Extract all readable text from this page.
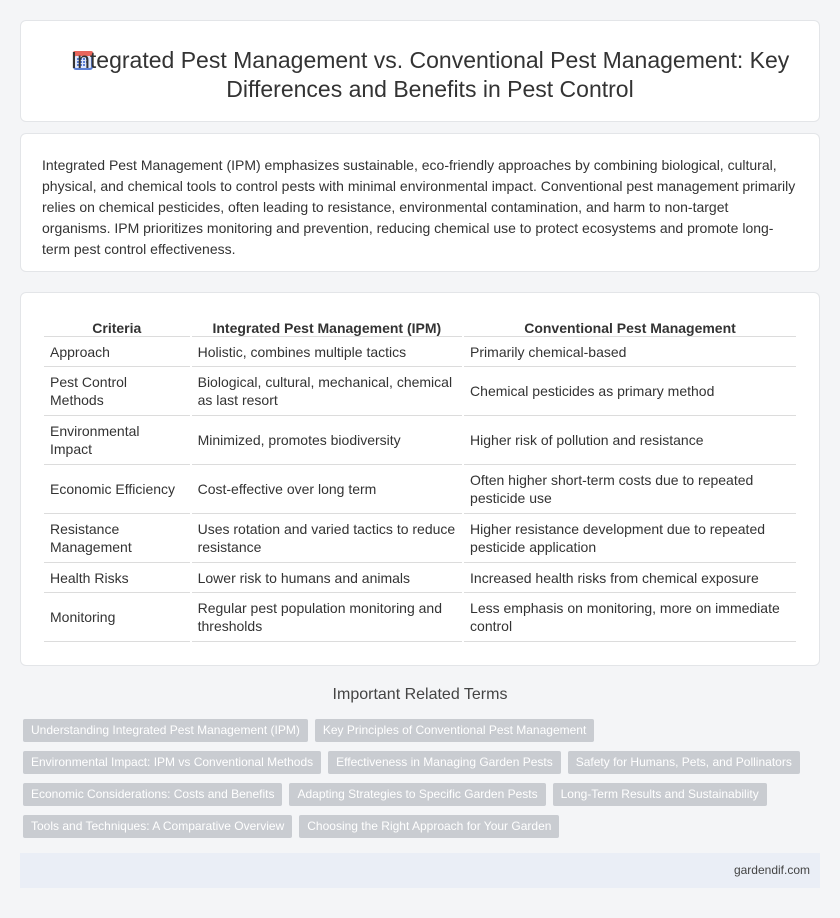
Integrated Pest Management vs. Conventional Pest Management: Key Differences and Benefits in Pest Control

Integrated Pest Management (IPM) emphasizes sustainable, eco-friendly approaches by combining biological, cultural, physical, and chemical tools to control pests with minimal environmental impact. Conventional pest management primarily relies on chemical pesticides, often leading to resistance, environmental contamination, and harm to non-target organisms. IPM prioritizes monitoring and prevention, reducing chemical use to protect ecosystems and promote long-term pest control effectiveness.

Criteria	Integrated Pest Management (IPM)	Conventional Pest Management
Approach	Holistic, combines multiple tactics	Primarily chemical-based
Pest Control Methods	Biological, cultural, mechanical, chemical as last resort	Chemical pesticides as primary method
Environmental Impact	Minimized, promotes biodiversity	Higher risk of pollution and resistance
Economic Efficiency	Cost-effective over long term	Often higher short-term costs due to repeated pesticide use
Resistance Management	Uses rotation and varied tactics to reduce resistance	Higher resistance development due to repeated pesticide application
Health Risks	Lower risk to humans and animals	Increased health risks from chemical exposure
Monitoring	Regular pest population monitoring and thresholds	Less emphasis on monitoring, more on immediate control
Important Related Terms
Understanding Integrated Pest Management (IPM)	Key Principles of Conventional Pest Management
Environmental Impact: IPM vs Conventional Methods	Effectiveness in Managing Garden Pests	Safety for Humans, Pets, and Pollinators
Economic Considerations: Costs and Benefits	Adapting Strategies to Specific Garden Pests	Long-Term Results and Sustainability
Tools and Techniques: A Comparative Overview	Choosing the Right Approach for Your Garden
gardendif.com
